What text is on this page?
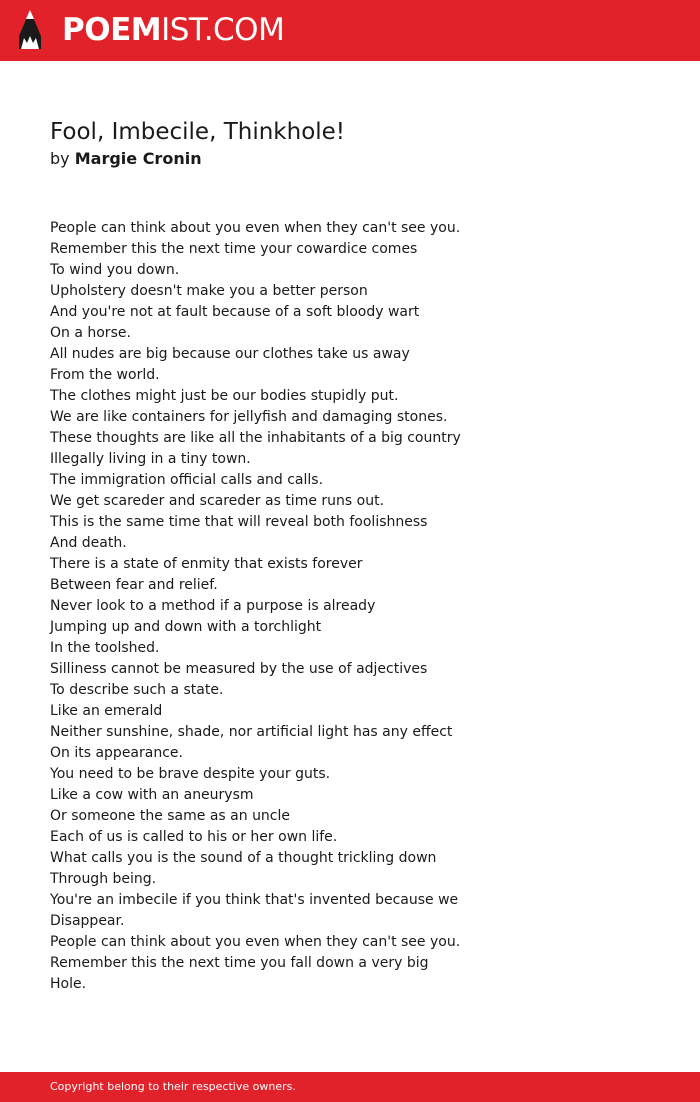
POEMIST.COM
Fool, Imbecile, Thinkhole!
by Margie Cronin
People can think about you even when they can't see you.
Remember this the next time your cowardice comes
To wind you down.
Upholstery doesn't make you a better person
And you're not at fault because of a soft bloody wart
On a horse.
All nudes are big because our clothes take us away
From the world.
The clothes might just be our bodies stupidly put.
We are like containers for jellyfish and damaging stones.
These thoughts are like all the inhabitants of a big country
Illegally living in a tiny town.
The immigration official calls and calls.
We get scareder and scareder as time runs out.
This is the same time that will reveal both foolishness
And death.
There is a state of enmity that exists forever
Between fear and relief.
Never look to a method if a purpose is already
Jumping up and down with a torchlight
In the toolshed.
Silliness cannot be measured by the use of adjectives
To describe such a state.
Like an emerald
Neither sunshine, shade, nor artificial light has any effect
On its appearance.
You need to be brave despite your guts.
Like a cow with an aneurysm
Or someone the same as an uncle
Each of us is called to his or her own life.
What calls you is the sound of a thought trickling down
Through being.
You're an imbecile if you think that's invented because we
Disappear.
People can think about you even when they can't see you.
Remember this the next time you fall down a very big
Hole.
Copyright belong to their respective owners.
